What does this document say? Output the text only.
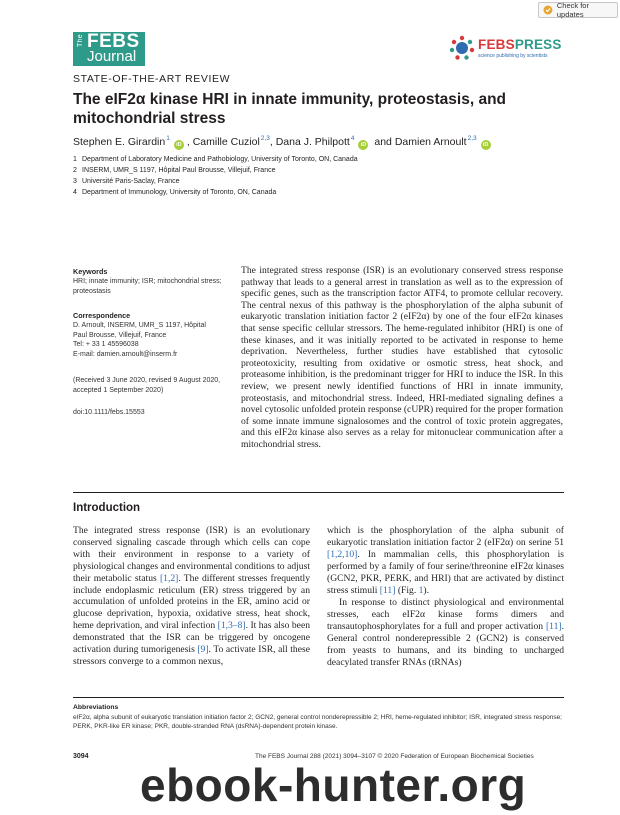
Check for updates
The FEBS
Journal
FEBSPRESS
science publishing by scientists
STATE-OF-THE-ART REVIEW
The eIF2α kinase HRI in innate immunity, proteostasis, and mitochondrial stress
Stephen E. Girardin$^1$iD , Camille Cuziol$^{2,3}$, Dana J. Philpott$^4$iD and Damien Arnoult$^{2,3}$iD
1 Department of Laboratory Medicine and Pathobiology, University of Toronto, ON, Canada
2 INSERM, UMR_S 1197, Hôpital Paul Brousse, Villejuif, France
3 Université Paris-Saclay, France
4 Department of Immunology, University of Toronto, ON, Canada
Keywords
HRI; innate immunity; ISR; mitochondrial stress; proteostasis
Correspondence
D. Arnoult, INSERM, UMR_S 1197, Hôpital
Paul Brousse, Villejuif, France
Tel: + 33 1 45596038
E-mail: damien.arnoult@inserm.fr
(Received 3 June 2020, revised 9 August 2020, accepted 1 September 2020)
doi:10.1111/febs.15553
The integrated stress response (ISR) is an evolutionary conserved stress response pathway that leads to a general arrest in translation as well as to the expression of specific genes, such as the transcription factor ATF4, to promote cellular recovery. The central nexus of this pathway is the phosphorylation of the alpha subunit of eukaryotic translation initiation factor 2 (eIF2α) by one of the four eIF2α kinases that sense specific cellular stressors. The heme-regulated inhibitor (HRI) is one of these kinases, and it was initially reported to be activated in response to heme deprivation. Nevertheless, further studies have established that cytosolic proteotoxicity, resulting from oxidative or osmotic stress, heat shock, and proteasome inhibition, is the predominant trigger for HRI to induce the ISR. In this review, we present newly identified functions of HRI in innate immunity, proteostasis, and mitochondrial stress. Indeed, HRI-mediated signaling defines a novel cytosolic unfolded protein response (cUPR) required for the proper formation of some innate immune signalosomes and the control of toxic protein aggregates, and this eIF2α kinase also serves as a relay for mitonuclear communication after a mitochondrial stress.
Introduction

The integrated stress response (ISR) is an evolutionary conserved signaling cascade through which cells can cope with their environment in response to a variety of physiological changes and environmental conditions to adjust their metabolic status [1,2]. The different stresses frequently include endoplasmic reticulum (ER) stress triggered by an accumulation of unfolded proteins in the ER, amino acid or glucose deprivation, hypoxia, oxidative stress, heat shock, heme deprivation, and viral infection [1,3–8]. It has also been demonstrated that the ISR can be triggered by oncogene activation during tumorigenesis [9]. To activate ISR, all these stressors converge to a common nexus,

which is the phosphorylation of the alpha subunit of eukaryotic translation initiation factor 2 (eIF2α) on serine 51 [1,2,10]. In mammalian cells, this phosphorylation is performed by a family of four serine/threonine eIF2α kinases (GCN2, PKR, PERK, and HRI) that are activated by distinct stress stimuli [11] (Fig. 1).

In response to distinct physiological and environmental stresses, each eIF2α kinase forms dimers and transautophosphorylates for a full and proper activation [11]. General control nonderepressible 2 (GCN2) is conserved from yeasts to humans, and its binding to uncharged deacylated transfer RNAs (tRNAs)

Abbreviations
eIF2α, alpha subunit of eukaryotic translation initiation factor 2; GCN2, general control nonderepressible 2; HRI, heme-regulated inhibitor; ISR, integrated stress response; PERK, PKR-like ER kinase; PKR, double-stranded RNA (dsRNA)-dependent protein kinase.
3094	The FEBS Journal 288 (2021) 3094–3107 © 2020 Federation of European Biochemical Societies
ebook-hunter.org
